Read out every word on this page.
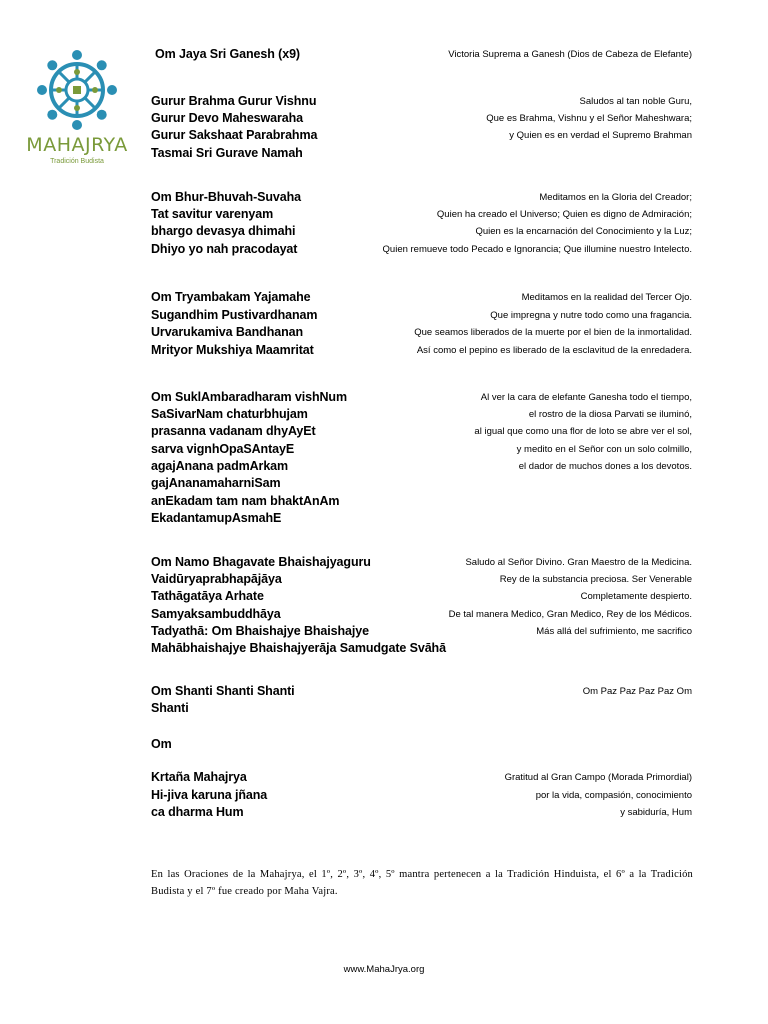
MAHAJRYA
Tradición Budista
Om Jaya Sri Ganesh (x9)	Victoria Suprema a Ganesh (Dios de Cabeza de Elefante)
Gurur Brahma Gurur Vishnu	Saludos al tan noble Guru,
Gurur Devo Maheswaraha	Que es Brahma, Vishnu y el Señor Maheshwara;
Gurur Sakshaat Parabrahma	y Quien es en verdad el Supremo Brahman
Tasmai Sri Gurave Namah
Om Bhur-Bhuvah-Suvaha	Meditamos en la Gloria del Creador;
Tat savitur varenyam	Quien ha creado el Universo; Quien es digno de Admiración;
bhargo devasya dhimahi	Quien es la encarnación del Conocimiento y la Luz;
Dhiyo yo nah pracodayat	Quien remueve todo Pecado e Ignorancia; Que illumine nuestro Intelecto.
Om Tryambakam Yajamahe	Meditamos en la realidad del Tercer Ojo.
Sugandhim Pustivardhanam	Que impregna y nutre todo como una fragancia.
Urvarukamiva Bandhanan	Que seamos liberados de la muerte por el bien de la inmortalidad.
Mrityor Mukshiya Maamritat	Así como el pepino es liberado de la esclavitud de la enredadera.
Om SuklAmbaradharam vishNum	Al ver la cara de elefante Ganesha todo el tiempo,
SaSivarNam chaturbhujam	el rostro de la diosa Parvati se iluminó,
prasanna vadanam dhyAyEt	al igual que como una flor de loto se abre ver el sol,
sarva vignhOpaSAntayE	y medito en el Señor con un solo colmillo,
agajAnana padmArkam	el dador de muchos dones a los devotos.
gajAnanamaharniSam
anEkadam tam nam bhaktAnAm
EkadantamupAsmahE
Om Namo Bhagavate Bhaishajyaguru	Saludo al Señor Divino. Gran Maestro de la Medicina.
Vaidūryaprabhарājāya	Rey de la substancia preciosa. Ser Venerable
Tathāgatāya Arhate	Completamente despierto.
Samyaksambuddhāya	De tal manera Medico, Gran Medico, Rey de los Médicos.
Tadyathā: Om Bhaishajye Bhaishajye	Más allá del sufrimiento, me sacrifico
Mahābhaishajye Bhaishajyerāja Samudgate Svāhā
Om Shanti Shanti Shanti	Om Paz Paz Paz Paz Om
Shanti
Om
Krtaña Mahajrya	Gratitud al Gran Campo (Morada Primordial)
Hi-jiva karuna jñana	por la vida, compasión, conocimiento
ca dharma Hum	y sabiduría, Hum
En las Oraciones de la Mahajrya, el 1º, 2º, 3º, 4º, 5º mantra pertenecen a la Tradición Hinduista, el 6º a la Tradición Budista y el 7º fue creado por Maha Vajra.
www.MahaJrya.org
